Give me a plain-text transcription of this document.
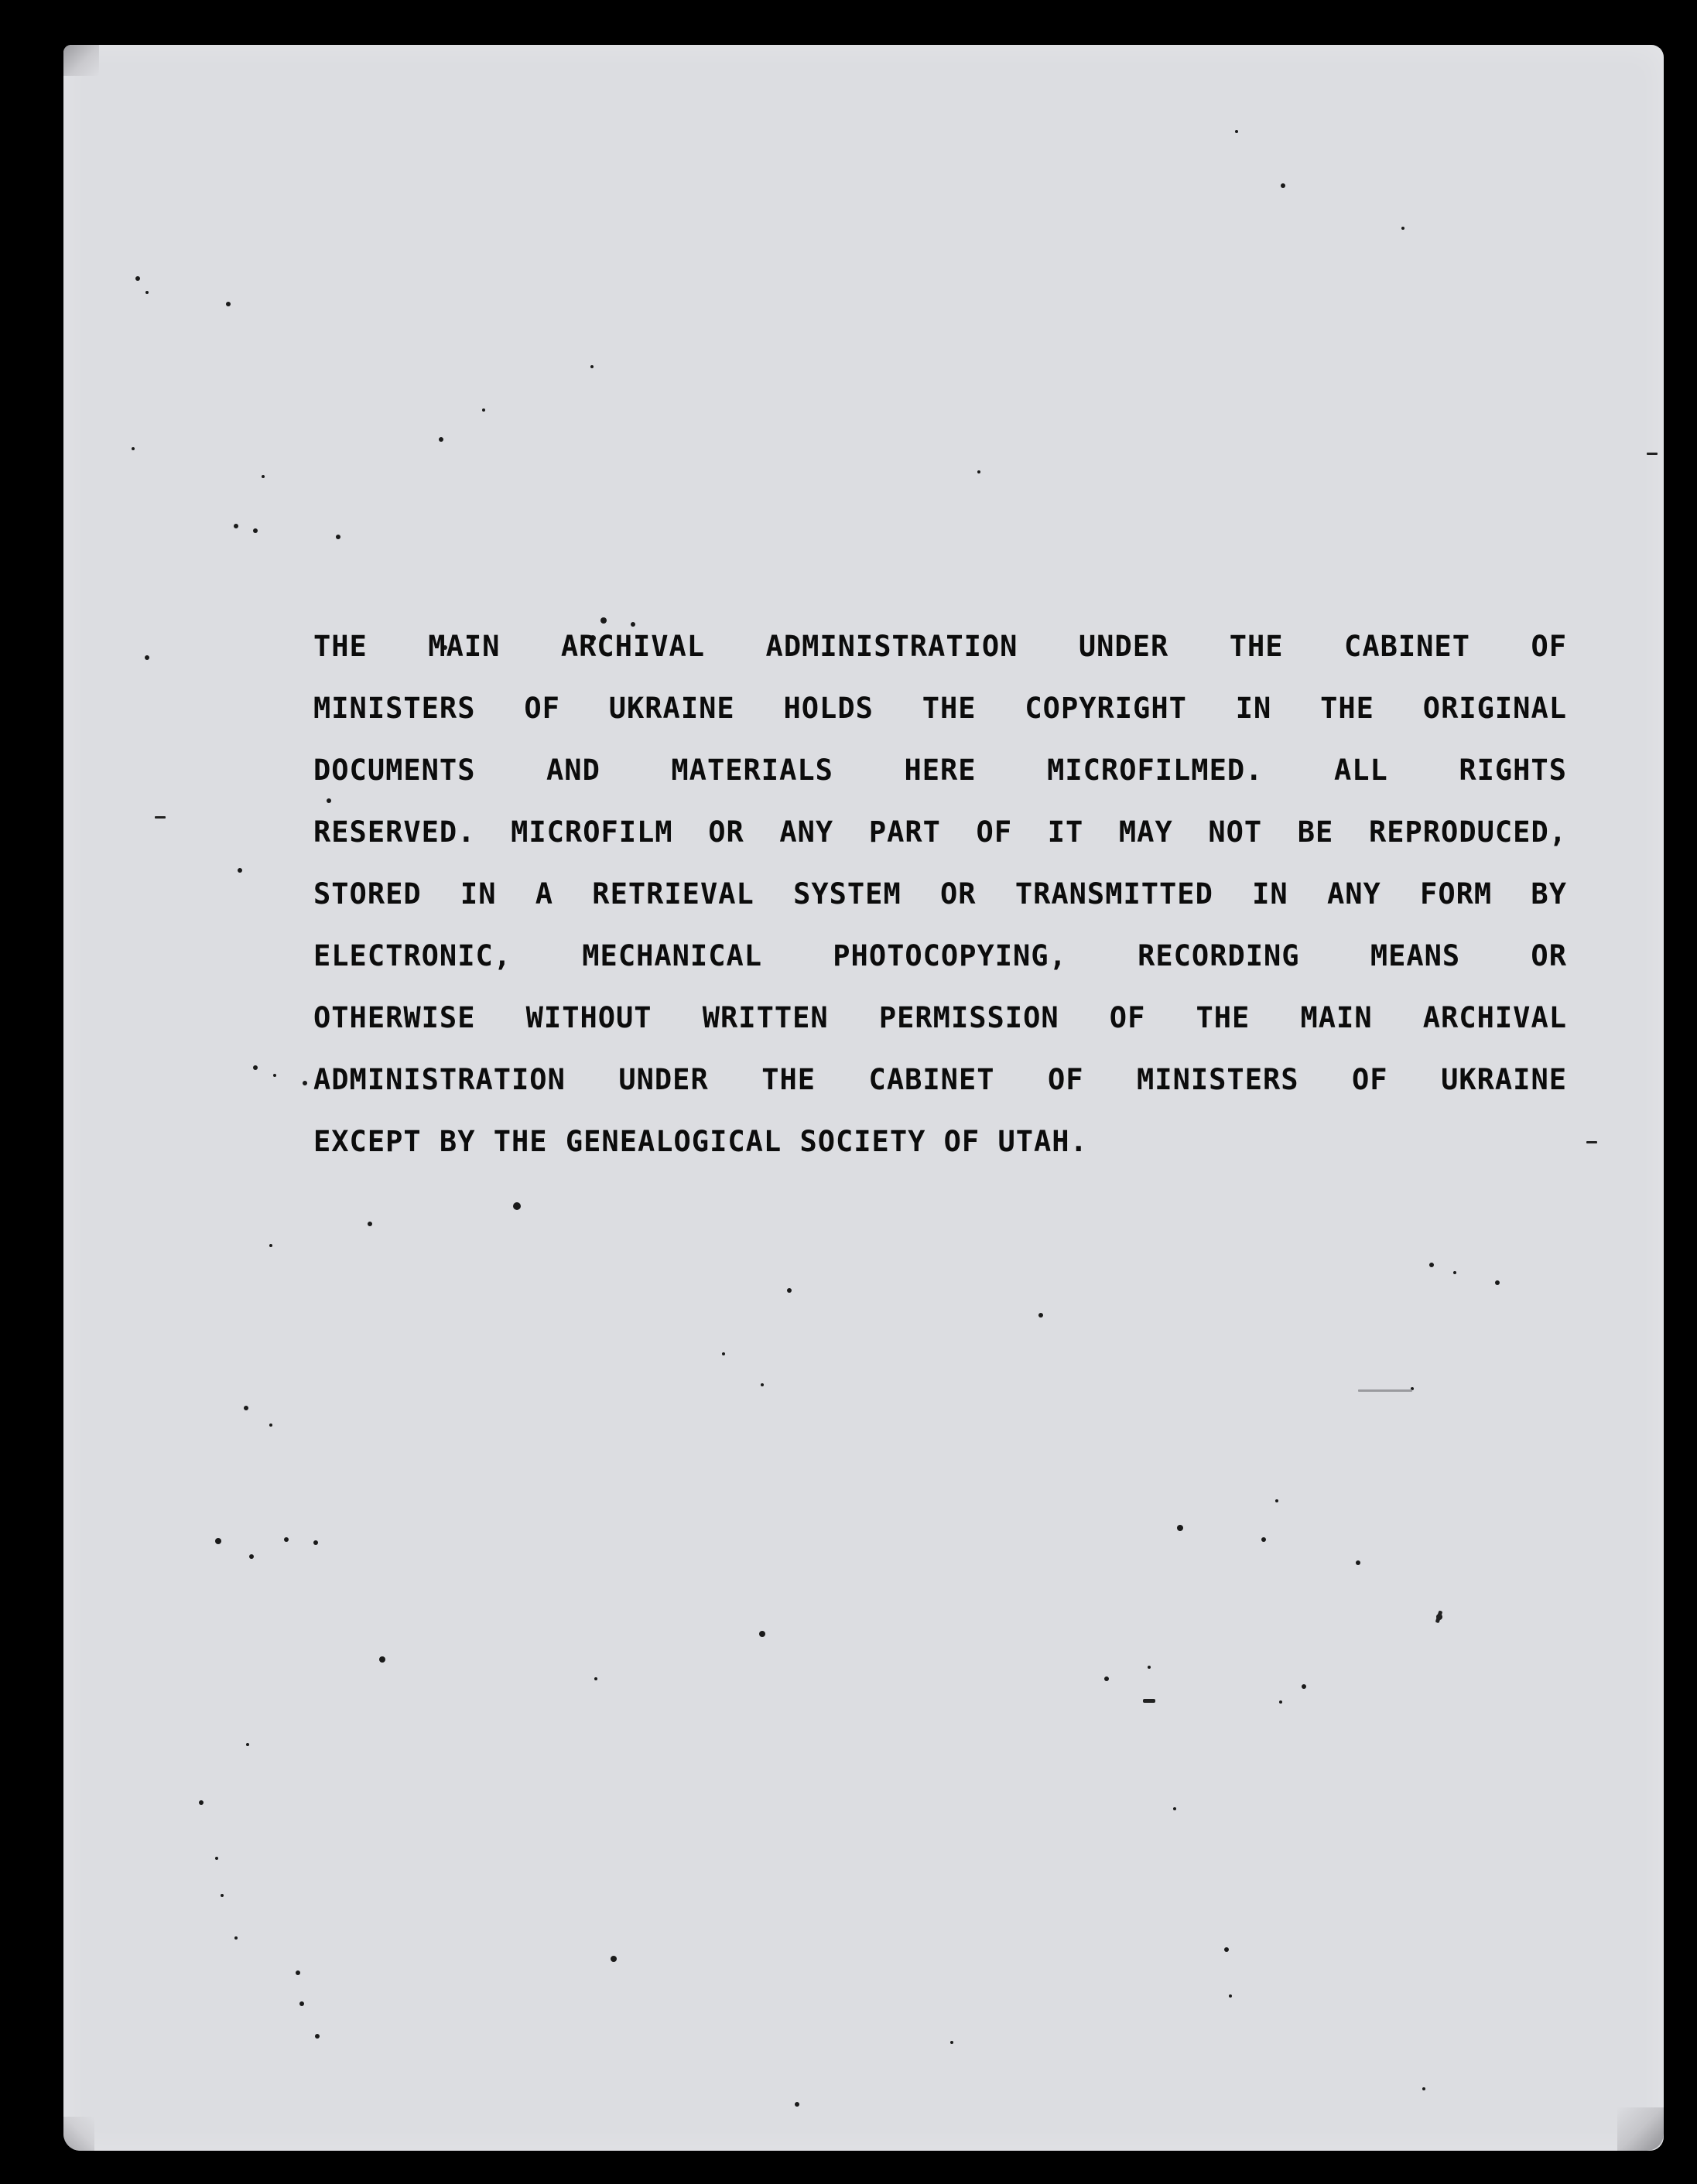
THE MAIN ARCHIVAL ADMINISTRATION UNDER THE CABINET OF
MINISTERS OF UKRAINE HOLDS THE COPYRIGHT IN THE ORIGINAL
DOCUMENTS AND MATERIALS HERE MICROFILMED. ALL RIGHTS
RESERVED. MICROFILM OR ANY PART OF IT MAY NOT BE REPRODUCED,
STORED IN A RETRIEVAL SYSTEM OR TRANSMITTED IN ANY FORM BY
ELECTRONIC, MECHANICAL PHOTOCOPYING, RECORDING MEANS OR
OTHERWISE WITHOUT WRITTEN PERMISSION OF THE MAIN ARCHIVAL
ADMINISTRATION UNDER THE CABINET OF MINISTERS OF UKRAINE
EXCEPT BY THE GENEALOGICAL SOCIETY OF UTAH.
